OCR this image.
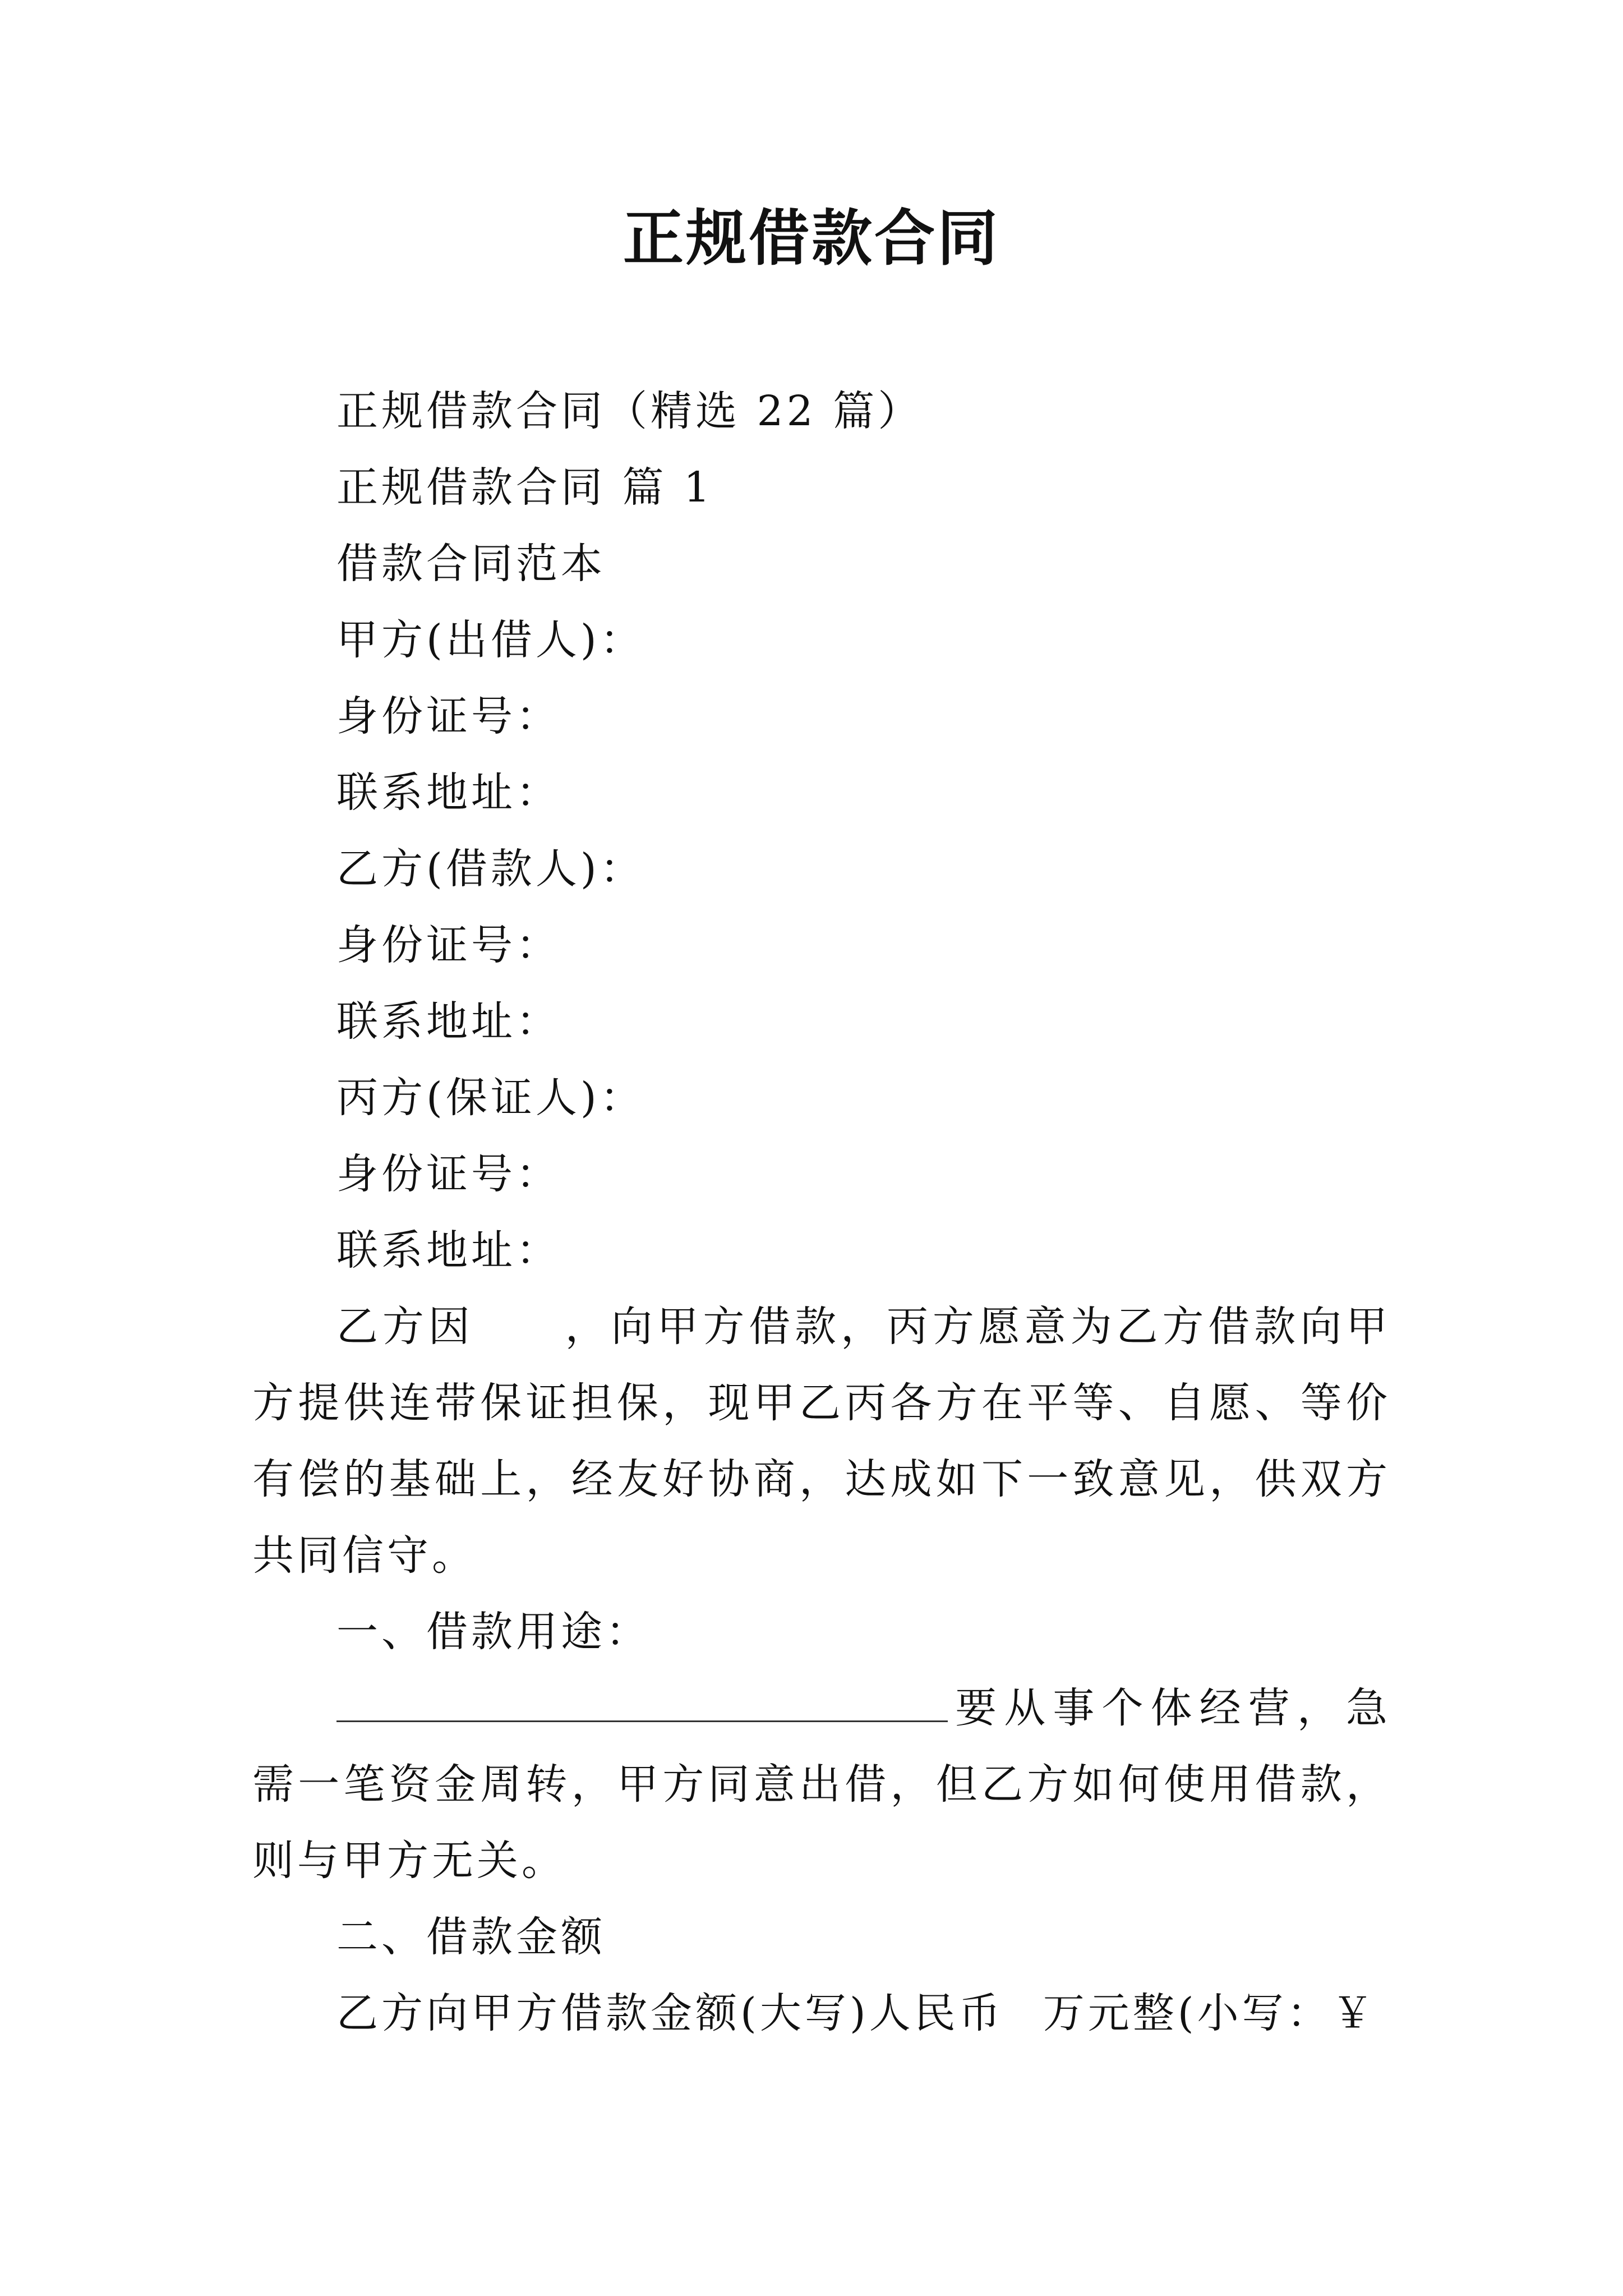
正规借款合同
正规借款合同（精选 22 篇）
正规借款合同 篇 1
借款合同范本
甲方(出借人)：
身份证号：
联系地址：
乙方(借款人)：
身份证号：
联系地址：
丙方(保证人)：
身份证号：
联系地址：
乙方因 ，向甲方借款，丙方愿意为乙方借款向甲方提供连带保证担保，现甲乙丙各方在平等、自愿、等价有偿的基础上，经友好协商，达成如下一致意见，供双方共同信守。
一、借款用途：
要从事个体经营，急需一笔资金周转，甲方同意出借，但乙方如何使用借款，则与甲方无关。
二、借款金额
乙方向甲方借款金额(大写)人民币 万元整(小写：￥
